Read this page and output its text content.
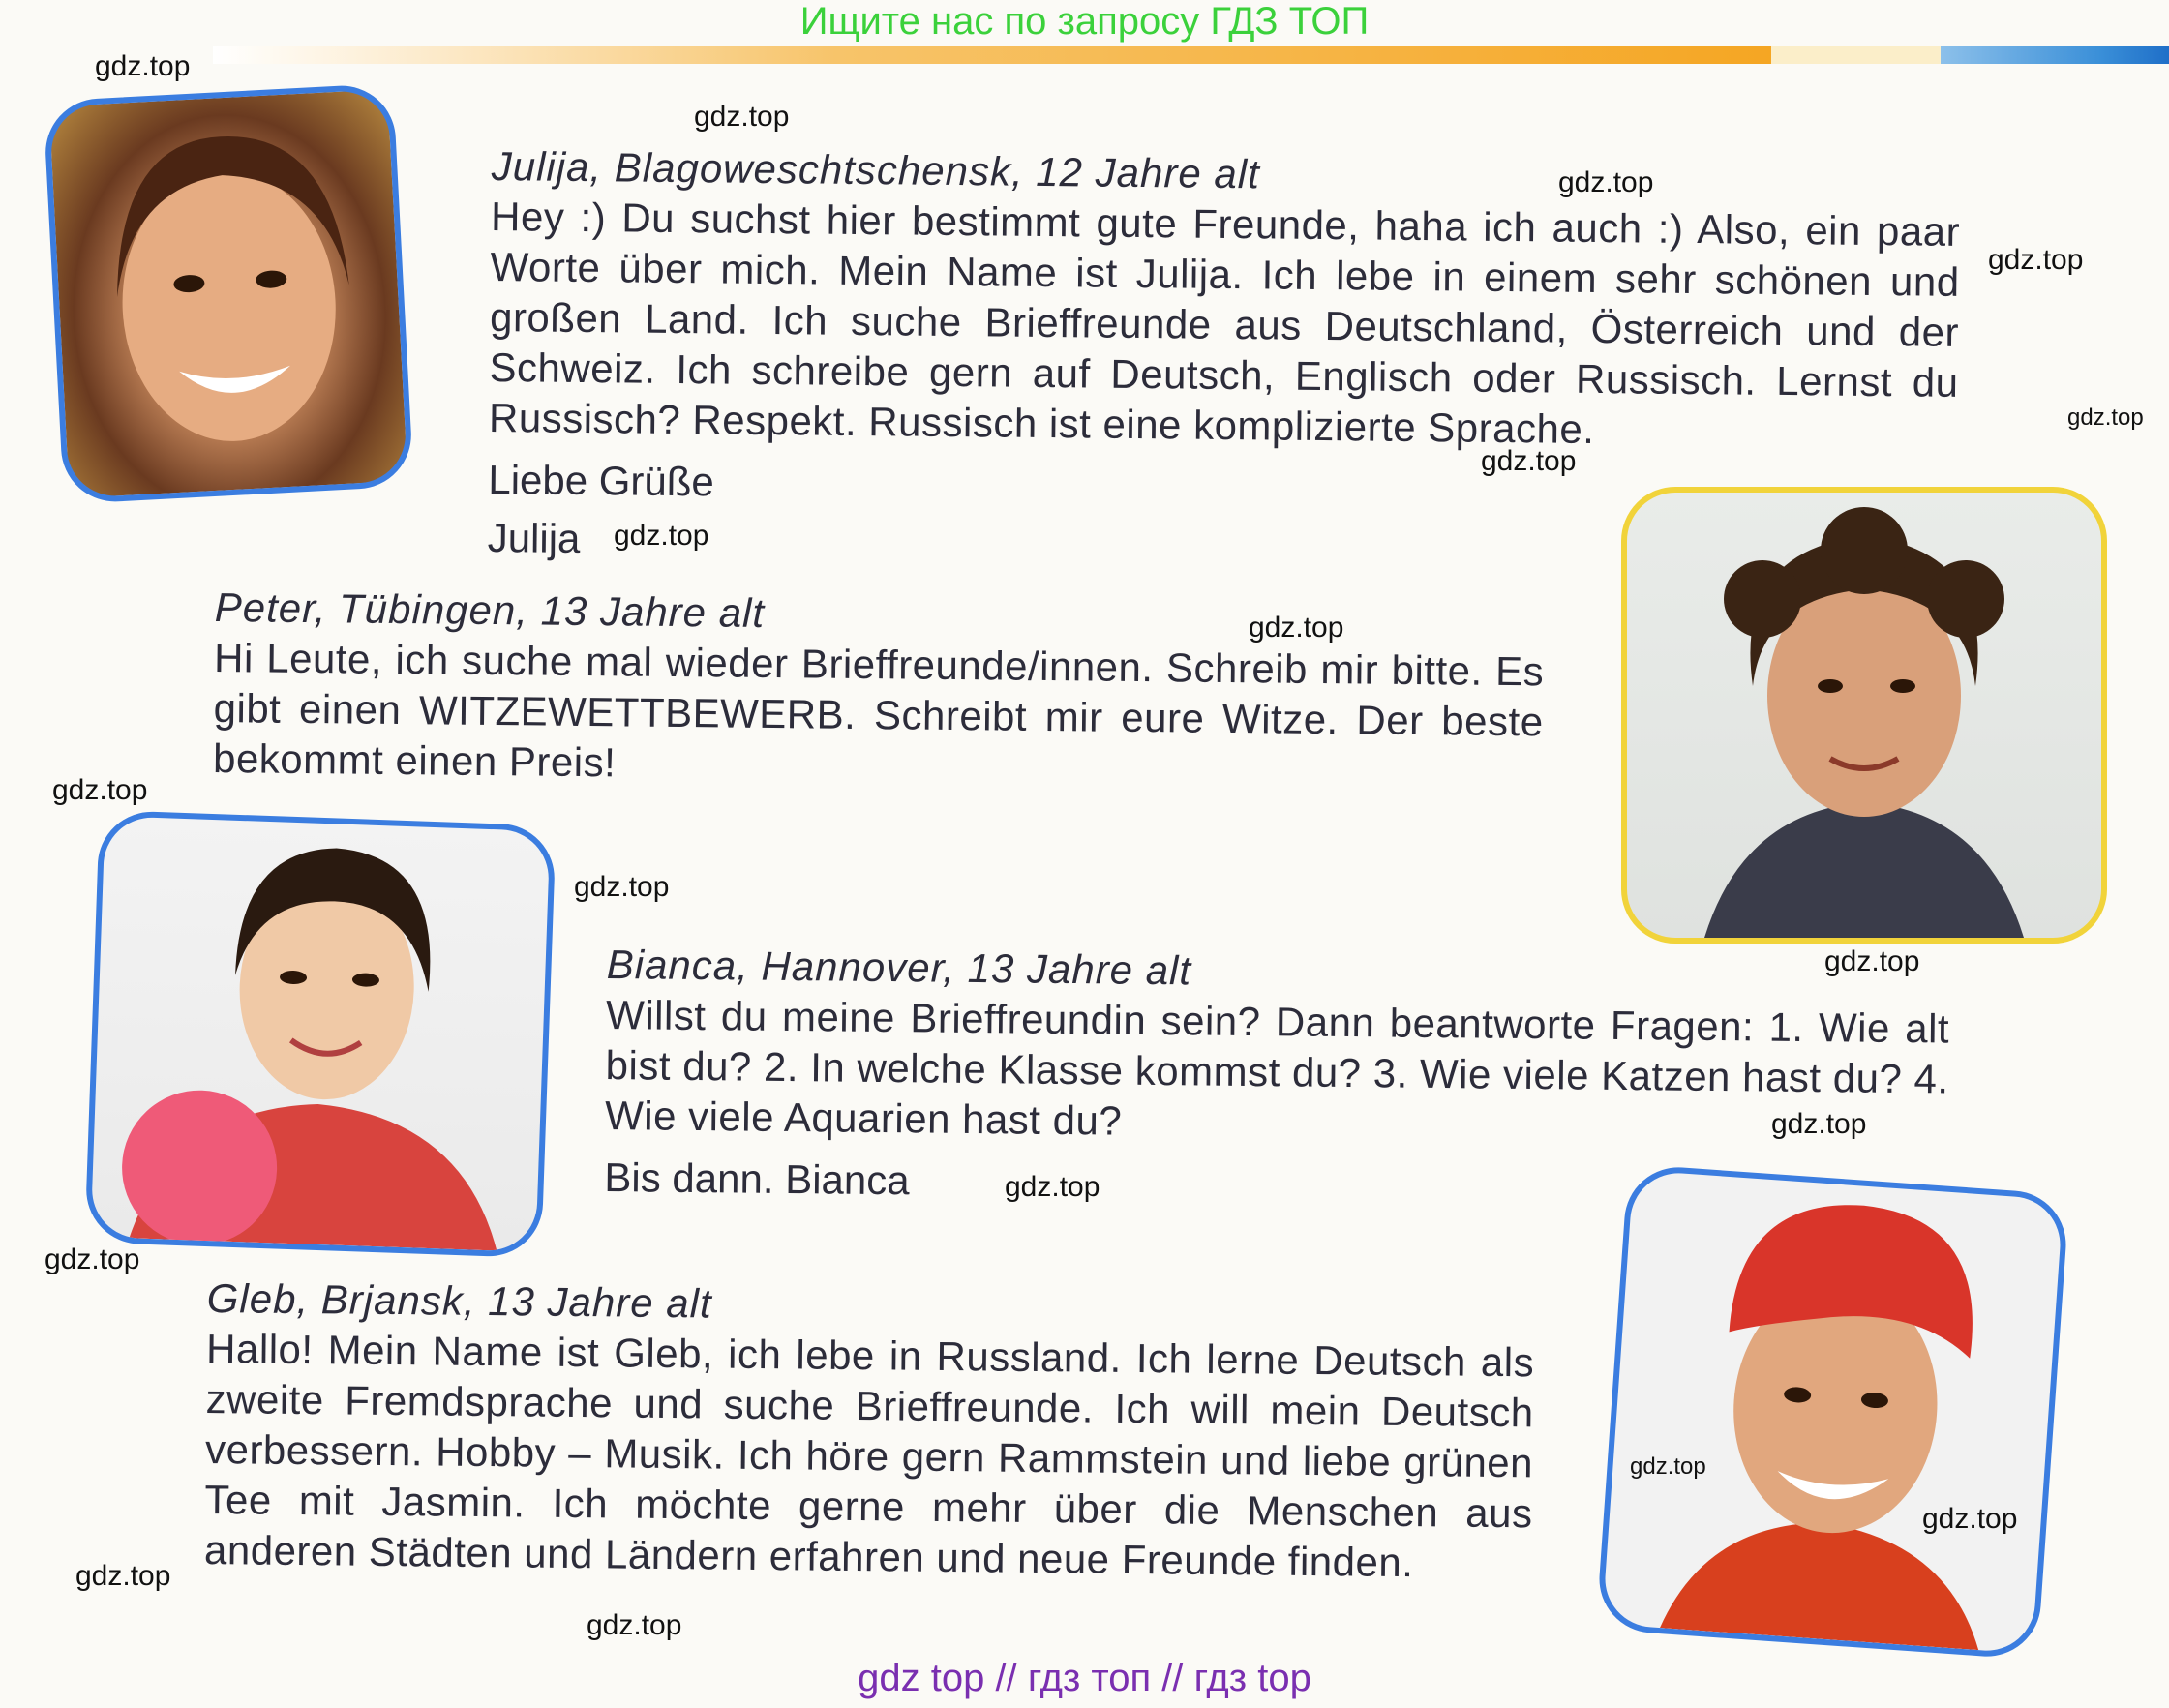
Ищите нас по запросу ГДЗ ТОП
Julija, Blagoweschtschensk, 12 Jahre alt
Hey :) Du suchst hier bestimmt gute Freunde, haha ich auch :) Also, ein paar Worte über mich. Mein Name ist Julija. Ich lebe in einem sehr schönen und großen Land. Ich suche Brieffreunde aus Deutschland, Österreich und der Schweiz. Ich schreibe gern auf Deutsch, Englisch oder Russisch. Lernst du Russisch? Respekt. Russisch ist eine komplizierte Sprache.
Liebe Grüße
Julija
Peter, Tübingen, 13 Jahre alt
Hi Leute, ich suche mal wieder Brieffreunde/innen. Schreib mir bitte. Es gibt einen WITZEWETTBEWERB. Schreibt mir eure Witze. Der beste bekommt einen Preis!
Bianca, Hannover, 13 Jahre alt
Willst du meine Brieffreundin sein? Dann beantworte Fragen: 1. Wie alt bist du? 2. In welche Klasse kommst du? 3. Wie viele Katzen hast du? 4. Wie viele Aquarien hast du?
Bis dann. Bianca
Gleb, Brjansk, 13 Jahre alt
Hallo! Mein Name ist Gleb, ich lebe in Russland. Ich lerne Deutsch als zweite Fremdsprache und suche Brieffreunde. Ich will mein Deutsch verbessern. Hobby – Musik. Ich höre gern Rammstein und liebe grünen Tee mit Jasmin. Ich möchte gerne mehr über die Menschen aus anderen Städten und Ländern erfahren und neue Freunde finden.
gdz.top
gdz.top
gdz.top
gdz.top
gdz.top
gdz.top
gdz.top
gdz.top
gdz.top
gdz.top
gdz.top
gdz.top
gdz.top
gdz.top
gdz.top
gdz.top
gdz.top
gdz.top
gdz top // гдз топ // гдз top
